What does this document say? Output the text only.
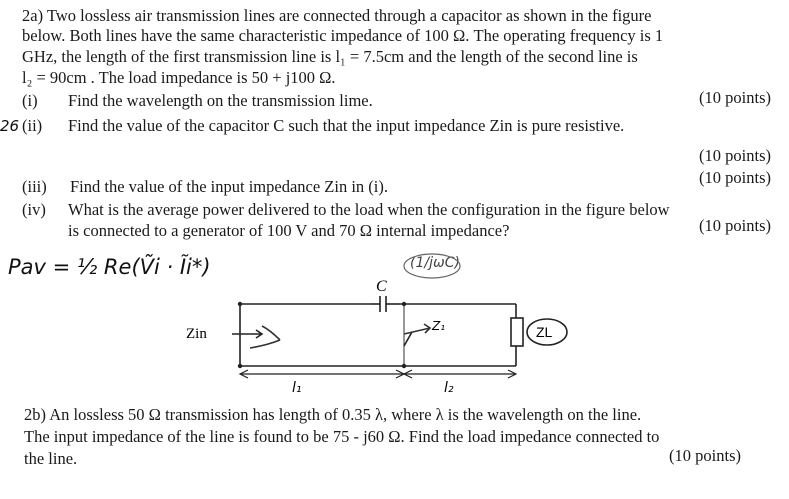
2a) Two lossless air transmission lines are connected through a capacitor as shown in the figure
below. Both lines have the same characteristic impedance of 100 Ω. The operating frequency is 1
GHz, the length of the first transmission line is l₁ = 7.5cm and the length of the second line is
l₂ = 90cm . The load impedance is 50 + j100 Ω.
(i) Find the wavelength on the transmission lime.	(10 points)
26 (ii) Find the value of the capacitor C such that the input impedance Zin is pure resistive.
(10 points)
(iii) Find the value of the input impedance Zin in (i).	(10 points)
(iv) What is the average power delivered to the load when the configuration in the figure below
is connected to a generator of 100 V and 70 Ω internal impedance?	(10 points)
Pav = ½ Re(Ṽi · Ĩi*)	(1/jωC)
C
Zin	ZL
l₁	l₂
Z₁
2b) An lossless 50 Ω transmission has length of 0.35 λ, where λ is the wavelength on the line.
The input impedance of the line is found to be 75 - j60 Ω. Find the load impedance connected to
the line.	(10 points)
